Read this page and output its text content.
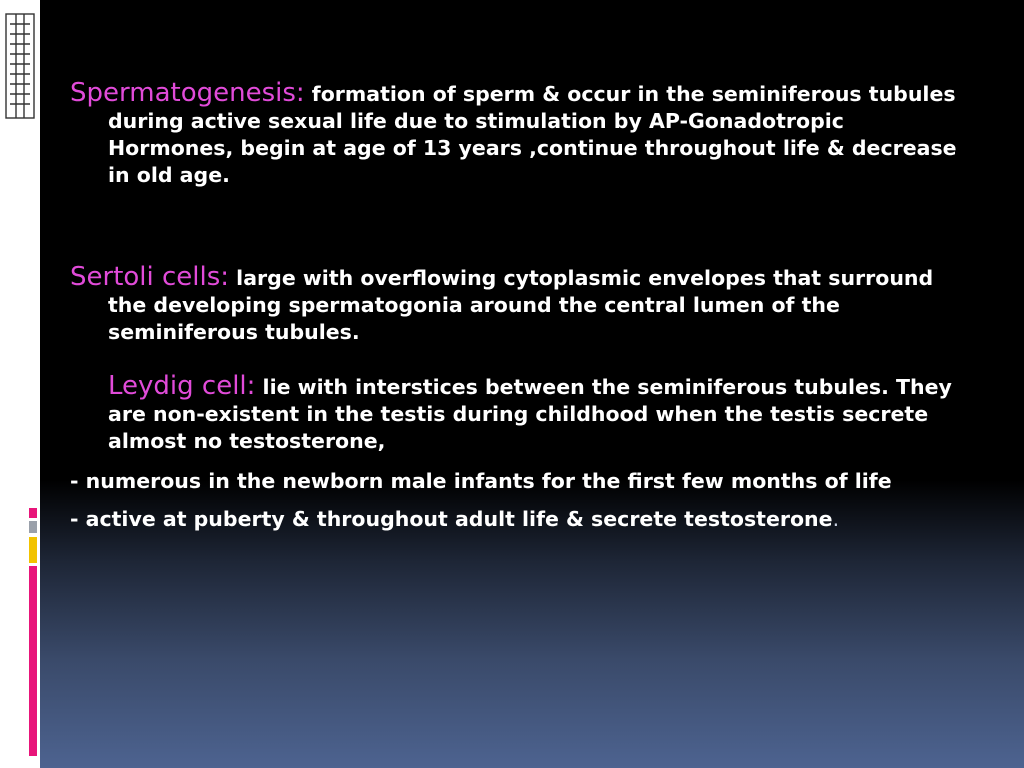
Spermatogenesis: formation of sperm & occur in the seminiferous tubules during active sexual life due to stimulation by AP-Gonadotropic Hormones, begin at age of 13 years ,continue throughout life & decrease in old age.
Sertoli cells: large with overflowing cytoplasmic envelopes that surround the developing spermatogonia around the central lumen of the seminiferous tubules.
Leydig cell: lie with interstices between the seminiferous tubules. They are non-existent in the testis during childhood when the testis secrete almost no testosterone,
- numerous in the newborn male infants for the first few months of life
- active at puberty & throughout adult life & secrete testosterone.
